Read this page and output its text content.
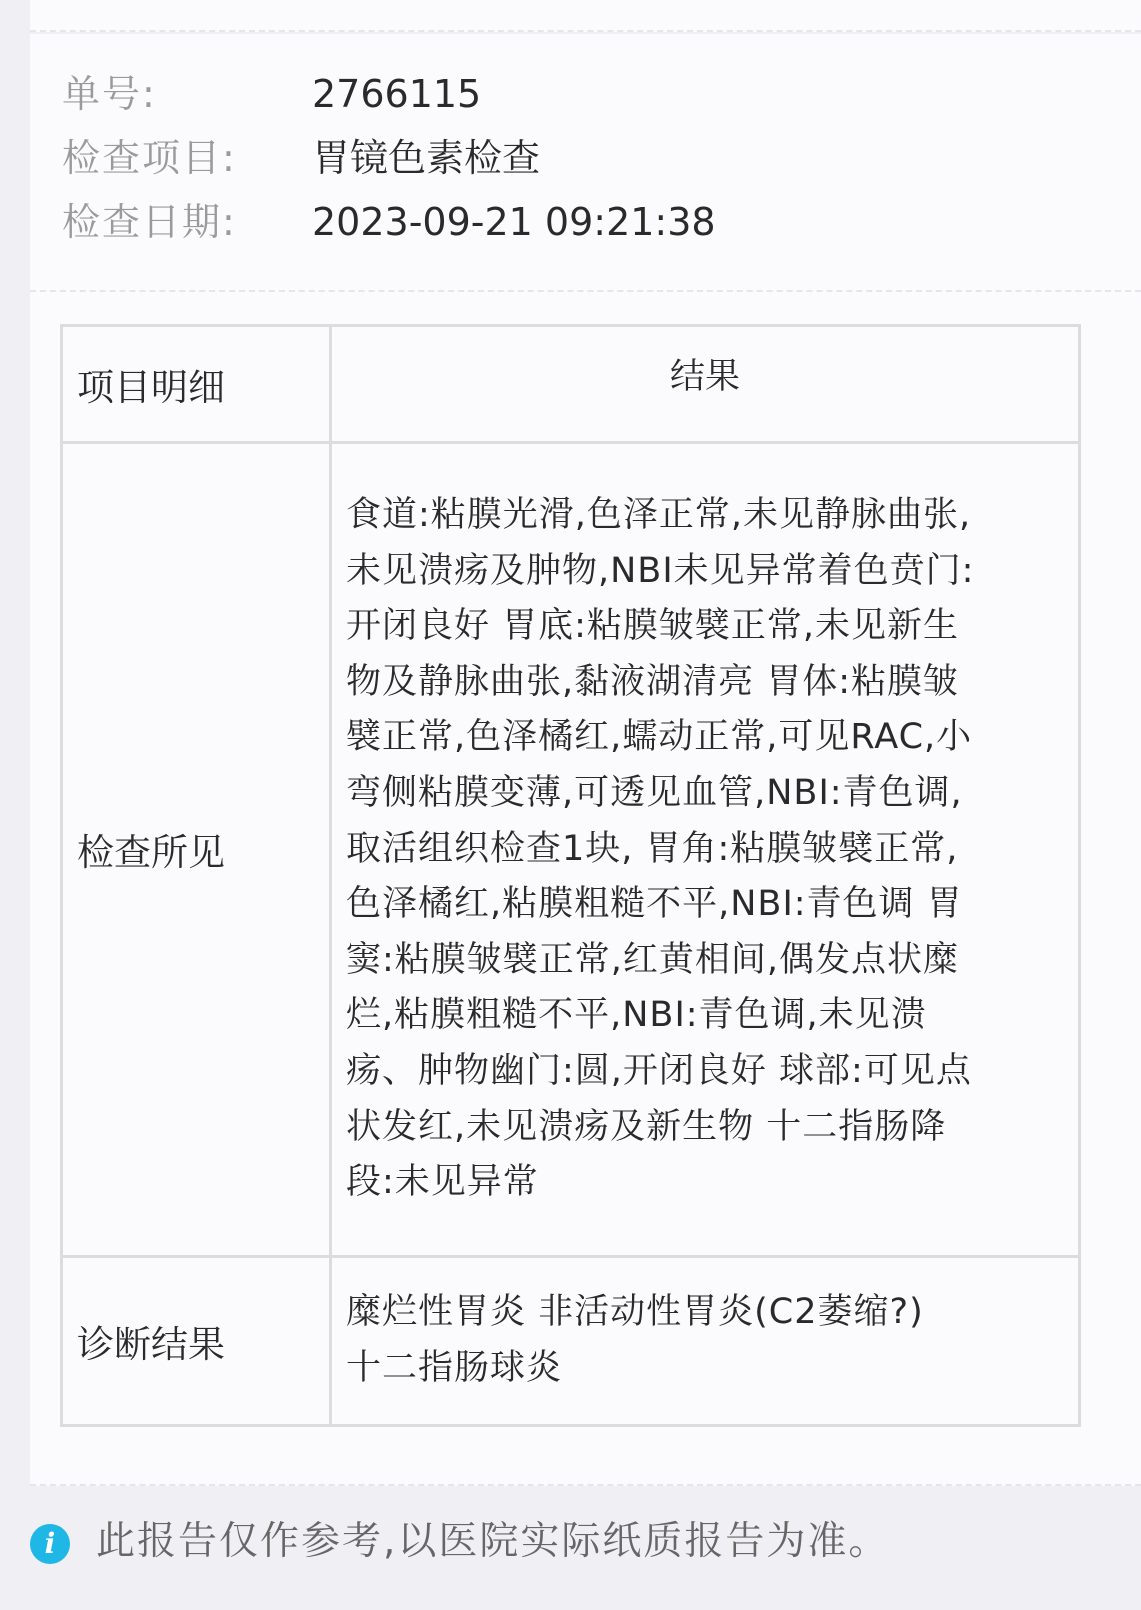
单号:	2766115
检查项目: 胃镜色素检查
检查日期: 2023-09-21 09:21:38
项目明细	结果

检查所见	食道:粘膜光滑,色泽正常,未见静脉曲张,未见溃疡及肿物,NBI未见异常着色贲门:开闭良好 胃底:粘膜皱襞正常,未见新生物及静脉曲张,黏液湖清亮 胃体:粘膜皱襞正常,色泽橘红,蠕动正常,可见RAC,小弯侧粘膜变薄,可透见血管,NBI:青色调,取活组织检查1块, 胃角:粘膜皱襞正常,色泽橘红,粘膜粗糙不平,NBI:青色调 胃窦:粘膜皱襞正常,红黄相间,偶发点状糜烂,粘膜粗糙不平,NBI:青色调,未见溃疡、肿物幽门:圆,开闭良好 球部:可见点状发红,未见溃疡及新生物 十二指肠降段:未见异常

诊断结果	糜烂性胃炎 非活动性胃炎(C2萎缩?)
十二指肠球炎
i	此报告仅作参考,以医院实际纸质报告为准。
